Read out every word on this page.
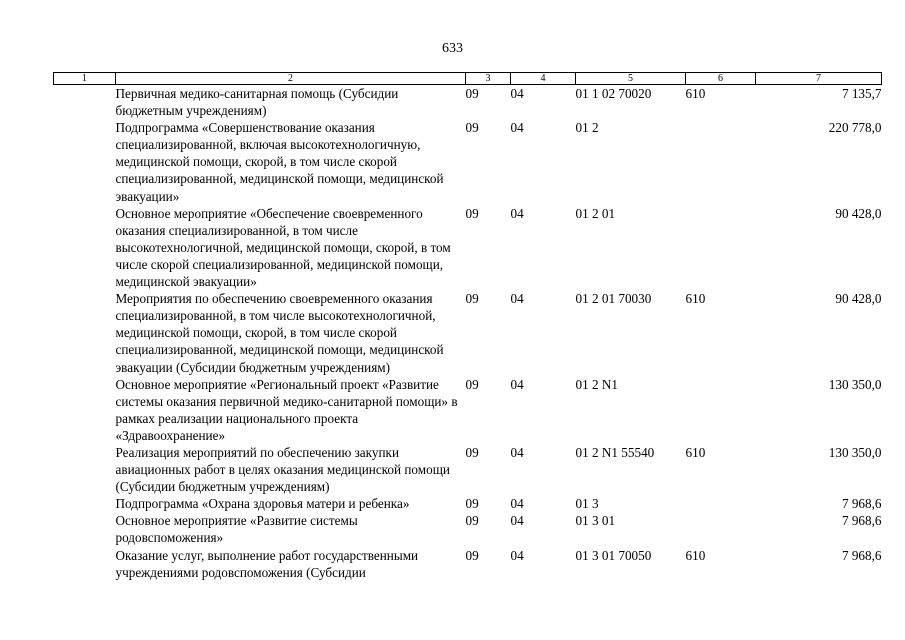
633
1	2	3	4	5	6	7
	Первичная медико-санитарная помощь (Субсидии бюджетным учреждениям)	09	04	01 1 02 70020	610	7 135,7
	Подпрограмма «Совершенствование оказания специализированной, включая высокотехнологичную, медицинской помощи, скорой, в том числе скорой специализированной, медицинской помощи, медицинской эвакуации»	09	04	01 2		220 778,0
	Основное мероприятие «Обеспечение своевременного оказания специализированной, в том числе высокотехнологичной, медицинской помощи, скорой, в том числе скорой специализированной, медицинской помощи, медицинской эвакуации»	09	04	01 2 01		90 428,0
	Мероприятия по обеспечению своевременного оказания специализированной, в том числе высокотехнологичной, медицинской помощи, скорой, в том числе скорой специализированной, медицинской помощи, медицинской эвакуации (Субсидии бюджетным учреждениям)	09	04	01 2 01 70030	610	90 428,0
	Основное мероприятие «Региональный проект «Развитие системы оказания первичной медико-санитарной помощи» в рамках реализации национального проекта «Здравоохранение»	09	04	01 2 N1		130 350,0
	Реализация мероприятий по обеспечению закупки авиационных работ в целях оказания медицинской помощи (Субсидии бюджетным учреждениям)	09	04	01 2 N1 55540	610	130 350,0
	Подпрограмма «Охрана здоровья матери и ребенка»	09	04	01 3		7 968,6
	Основное мероприятие «Развитие системы родовспоможения»	09	04	01 3 01		7 968,6
	Оказание услуг, выполнение работ государственными учреждениями родовспоможения (Субсидии	09	04	01 3 01 70050	610	7 968,6
